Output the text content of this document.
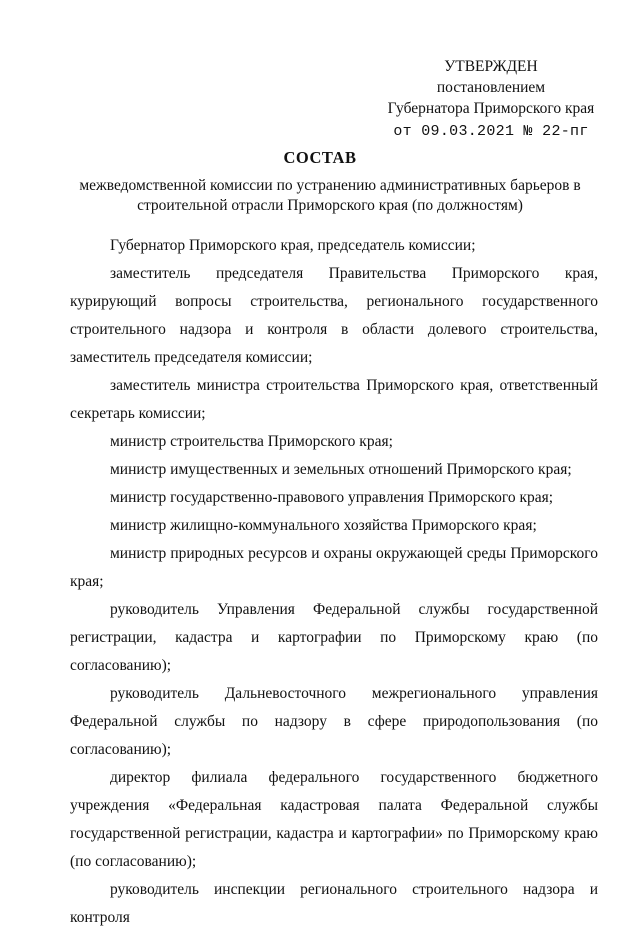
УТВЕРЖДЕН
постановлением
Губернатора Приморского края
от 09.03.2021 № 22-пг
СОСТАВ
межведомственной комиссии по устранению административных барьеров в строительной отрасли Приморского края (по должностям)

Губернатор Приморского края, председатель комиссии;

заместитель председателя Правительства Приморского края, курирующий вопросы строительства, регионального государственного строительного надзора и контроля в области долевого строительства, заместитель председателя комиссии;

заместитель министра строительства Приморского края, ответственный секретарь комиссии;

министр строительства Приморского края;

министр имущественных и земельных отношений Приморского края;

министр государственно-правового управления Приморского края;

министр жилищно-коммунального хозяйства Приморского края;

министр природных ресурсов и охраны окружающей среды Приморского края;

руководитель Управления Федеральной службы государственной регистрации, кадастра и картографии по Приморскому краю (по согласованию);

руководитель Дальневосточного межрегионального управления Федеральной службы по надзору в сфере природопользования (по согласованию);

директор филиала федерального государственного бюджетного учреждения «Федеральная кадастровая палата Федеральной службы государственной регистрации, кадастра и картографии» по Приморскому краю (по согласованию);

руководитель инспекции регионального строительного надзора и контроля
